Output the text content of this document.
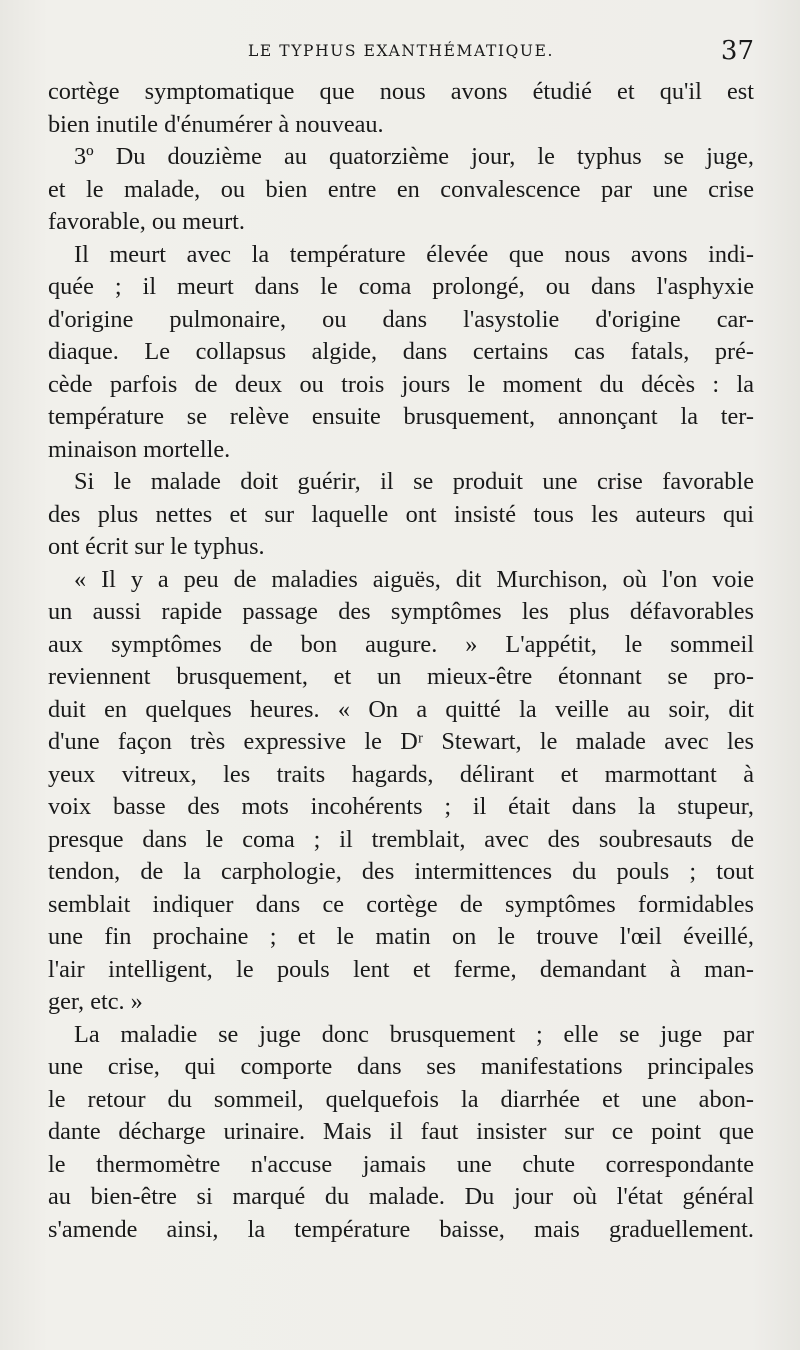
LE TYPHUS EXANTHÉMATIQUE.	37
cortège symptomatique que nous avons étudié et qu'il est
bien inutile d'énumérer à nouveau.
3º Du douzième au quatorzième jour, le typhus se juge,
et le malade, ou bien entre en convalescence par une crise
favorable, ou meurt.
Il meurt avec la température élevée que nous avons indi-
quée ; il meurt dans le coma prolongé, ou dans l'asphyxie
d'origine pulmonaire, ou dans l'asystolie d'origine car-
diaque. Le collapsus algide, dans certains cas fatals, pré-
cède parfois de deux ou trois jours le moment du décès : la
température se relève ensuite brusquement, annonçant la ter-
minaison mortelle.
Si le malade doit guérir, il se produit une crise favorable
des plus nettes et sur laquelle ont insisté tous les auteurs qui
ont écrit sur le typhus.
« Il y a peu de maladies aiguës, dit Murchison, où l'on voie
un aussi rapide passage des symptômes les plus défavorables
aux symptômes de bon augure. » L'appétit, le sommeil
reviennent brusquement, et un mieux-être étonnant se pro-
duit en quelques heures. « On a quitté la veille au soir, dit
d'une façon très expressive le Dʳ Stewart, le malade avec les
yeux vitreux, les traits hagards, délirant et marmottant à
voix basse des mots incohérents ; il était dans la stupeur,
presque dans le coma ; il tremblait, avec des soubresauts de
tendon, de la carphologie, des intermittences du pouls ; tout
semblait indiquer dans ce cortège de symptômes formidables
une fin prochaine ; et le matin on le trouve l'œil éveillé,
l'air intelligent, le pouls lent et ferme, demandant à man-
ger, etc. »
La maladie se juge donc brusquement ; elle se juge par
une crise, qui comporte dans ses manifestations principales
le retour du sommeil, quelquefois la diarrhée et une abon-
dante décharge urinaire. Mais il faut insister sur ce point que
le thermomètre n'accuse jamais une chute correspondante
au bien-être si marqué du malade. Du jour où l'état général
s'amende ainsi, la température baisse, mais graduellement.
